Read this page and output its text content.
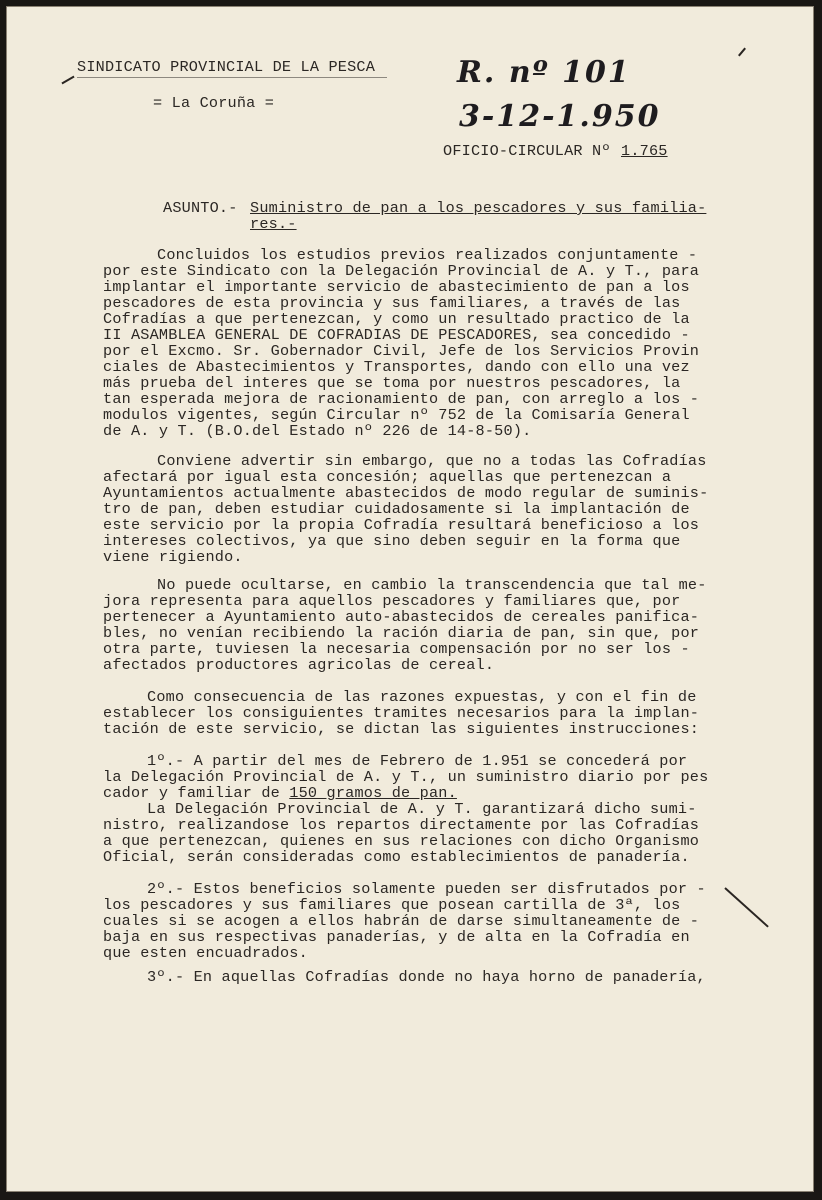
SINDICATO PROVINCIAL DE LA PESCA
= La Coruña =
R. nº 101
3-12-1.950
OFICIO-CIRCULAR Nº 1.765
ASUNTO.- Suministro de pan a los pescadores y sus familia-
res.-
Concluidos los estudios previos realizados conjuntamente -
por este Sindicato con la Delegación Provincial de A. y T., para
implantar el importante servicio de abastecimiento de pan a los
pescadores de esta provincia y sus familiares, a través de las
Cofradías a que pertenezcan, y como un resultado practico de la
II ASAMBLEA GENERAL DE COFRADIAS DE PESCADORES, sea concedido -
por el Excmo. Sr. Gobernador Civil, Jefe de los Servicios Provin
ciales de Abastecimientos y Transportes, dando con ello una vez
más prueba del interes que se toma por nuestros pescadores, la
tan esperada mejora de racionamiento de pan, con arreglo a los -
modulos vigentes, según Circular nº 752 de la Comisaría General
de A. y T. (B.O.del Estado nº 226 de 14-8-50).
Conviene advertir sin embargo, que no a todas las Cofradías
afectará por igual esta concesión; aquellas que pertenezcan a
Ayuntamientos actualmente abastecidos de modo regular de suminis-
tro de pan, deben estudiar cuidadosamente si la implantación de
este servicio por la propia Cofradía resultará beneficioso a los
intereses colectivos, ya que sino deben seguir en la forma que
viene rigiendo.
No puede ocultarse, en cambio la transcendencia que tal me-
jora representa para aquellos pescadores y familiares que, por
pertenecer a Ayuntamiento auto-abastecidos de cereales panifica-
bles, no venían recibiendo la ración diaria de pan, sin que, por
otra parte, tuviesen la necesaria compensación por no ser los -
afectados productores agricolas de cereal.
Como consecuencia de las razones expuestas, y con el fin de
establecer los consiguientes tramites necesarios para la implan-
tación de este servicio, se dictan las siguientes instrucciones:
1º.- A partir del mes de Febrero de 1.951 se concederá por
la Delegación Provincial de A. y T., un suministro diario por pes
cador y familiar de 150 gramos de pan.
La Delegación Provincial de A. y T. garantizará dicho sumi-
nistro, realizandose los repartos directamente por las Cofradías
a que pertenezcan, quienes en sus relaciones con dicho Organismo
Oficial, serán consideradas como establecimientos de panadería.
2º.- Estos beneficios solamente pueden ser disfrutados por -
los pescadores y sus familiares que posean cartilla de 3ª, los
cuales si se acogen a ellos habrán de darse simultaneamente de -
baja en sus respectivas panaderías, y de alta en la Cofradía en
que esten encuadrados.
3º.- En aquellas Cofradías donde no haya horno de panadería,
